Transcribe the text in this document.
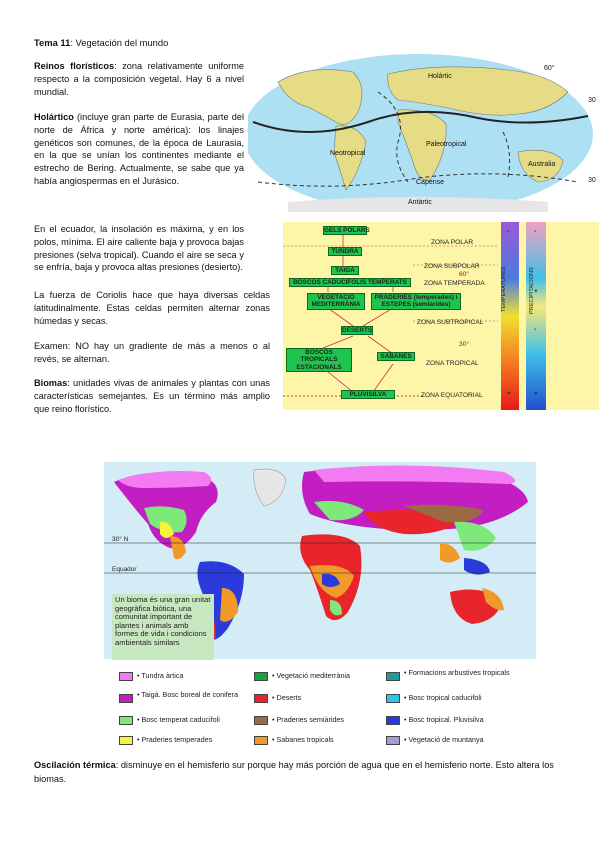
Tema 11: Vegetación del mundo

Reinos florísticos: zona relativamente uniforme respecto a la composición vegetal. Hay 6 a nivel mundial.

Holártico (incluye gran parte de Eurasia, parte del norte de África y norte américa): los linajes genéticos son comunes, de la época de Laurasia, en la que se unían los continentes mediante el estrecho de Bering. Actualmente, se sabe que ya había angiospermas en el Jurásico.

En el ecuador, la insolación es máxima, y en los polos, mínima. El aire caliente baja y provoca bajas presiones (selva tropical). Cuando el aire se seca y se enfría, baja y provoca altas presiones (desierto).

La fuerza de Coriolis hace que haya diversas celdas latitudinalmente. Estas celdas permiten alternar zonas húmedas y secas.

Examen: NO hay un gradiente de más a menos o al revés, se alternan.

Biomas: unidades vivas de animales y plantas con unas características semejantes. Es un término más amplio que reino florístico.

Holártic
Neotropical
Paleotropical
Australia
Capense
Antàrtic
60°
30
30
GELS POLARS
TUNDRA
TAIGÀ
BOSCOS CADUCIFOLIS TEMPERATS
VEGETACIÓ MEDITERRÀNIA
PRADERIES (temperades) i ESTEPES (semiàrides)
DESERTS
BOSCOS TROPICALS ESTACIONALS
SABANES
PLUVISILVA
ZONA POLAR
ZONA SUBPOLAR
60°
ZONA TEMPERADA
ZONA SUBTROPICAL
30°
ZONA TROPICAL
ZONA EQUATORIAL
TEMPERATURES	PRECIPITACIONS
-
+
-
+
-
+
30° N
Equador
Un bioma és una gran unitat geogràfica biòtica, una comunitat important de plantes i animals amb formes de vida i condicions ambientals similars
• Tundra àrtica
• Taigà. Bosc boreal de conifera
• Bosc temperat caducifoli
• Praderies temperades
• Vegetació mediterrània
• Deserts
• Praderies semiàrides
• Sabanes tropicals
• Formacions arbustives tropicals
• Bosc tropical caducifoli
• Bosc tropical. Pluvisilva
• Vegetació de muntanya

Oscilación térmica: disminuye en el hemisferio sur porque hay más porción de agua que en el hemisferio norte. Esto altera los biomas.
